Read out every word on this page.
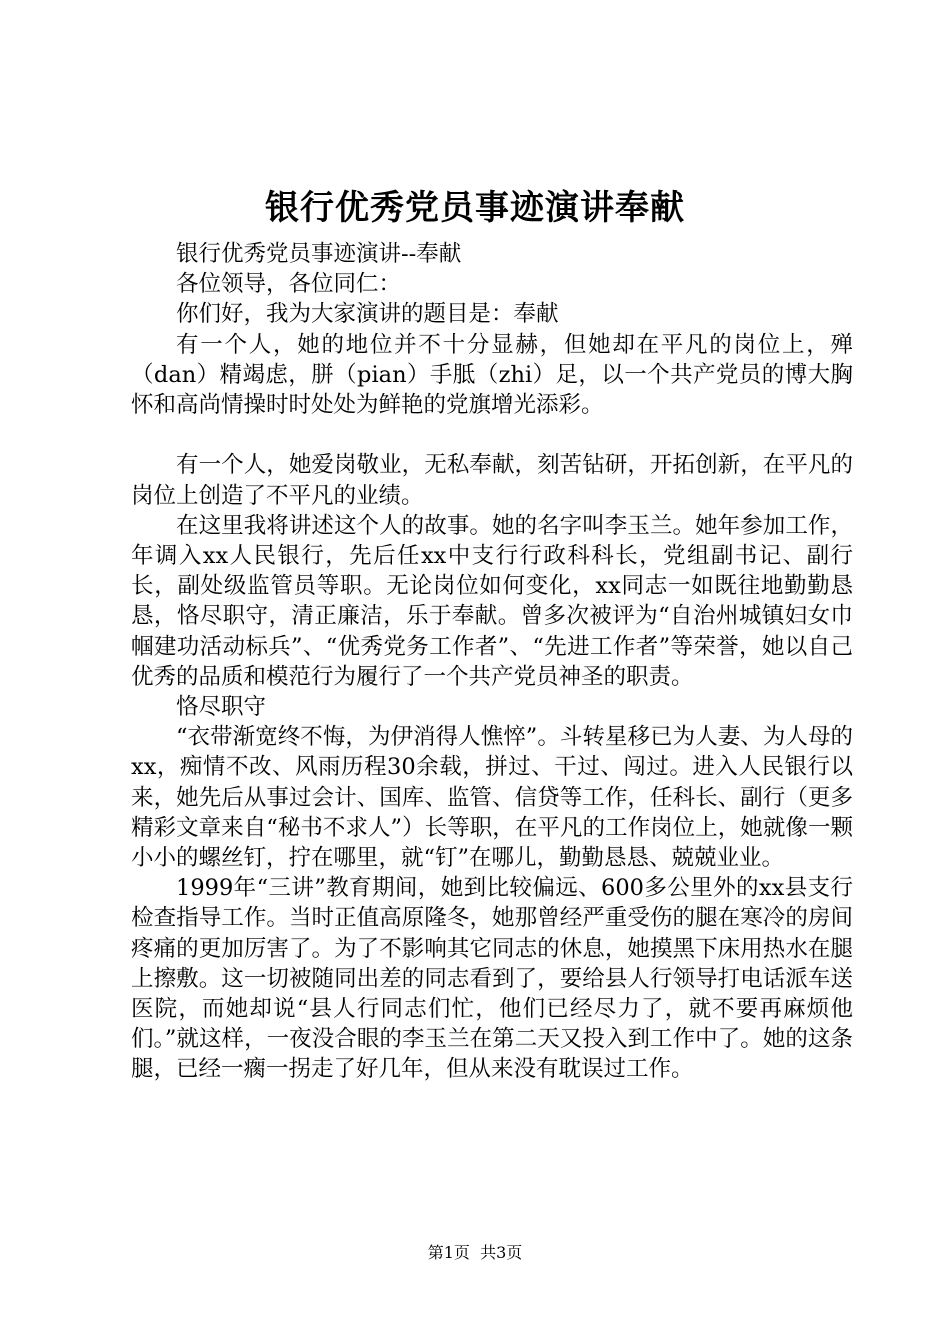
银行优秀党员事迹演讲奉献

银行优秀党员事迹演讲--奉献

各位领导，各位同仁：

你们好，我为大家演讲的题目是：奉献

有一个人，她的地位并不十分显赫，但她却在平凡的岗位上，殚（dan）精竭虑，胼（pian）手胝（zhi）足，以一个共产党员的博大胸怀和高尚情操时时处处为鲜艳的党旗增光添彩。

有一个人，她爱岗敬业，无私奉献，刻苦钻研，开拓创新，在平凡的岗位上创造了不平凡的业绩。

在这里我将讲述这个人的故事。她的名字叫李玉兰。她年参加工作，年调入xx人民银行，先后任xx中支行行政科科长，党组副书记、副行长，副处级监管员等职。无论岗位如何变化，xx同志一如既往地勤勤恳恳，恪尽职守，清正廉洁，乐于奉献。曾多次被评为“自治州城镇妇女巾帼建功活动标兵”、“优秀党务工作者”、“先进工作者”等荣誉，她以自己优秀的品质和模范行为履行了一个共产党员神圣的职责。

恪尽职守

“衣带渐宽终不悔，为伊消得人憔悴”。斗转星移已为人妻、为人母的xx，痴情不改、风雨历程30余载，拼过、干过、闯过。进入人民银行以来，她先后从事过会计、国库、监管、信贷等工作，任科长、副行（更多精彩文章来自“秘书不求人”）长等职，在平凡的工作岗位上，她就像一颗小小的螺丝钉，拧在哪里，就“钉”在哪儿，勤勤恳恳、兢兢业业。

1999年“三讲”教育期间，她到比较偏远、600多公里外的xx县支行检查指导工作。当时正值高原隆冬，她那曾经严重受伤的腿在寒冷的房间疼痛的更加厉害了。为了不影响其它同志的休息，她摸黑下床用热水在腿上擦敷。这一切被随同出差的同志看到了，要给县人行领导打电话派车送医院，而她却说“县人行同志们忙，他们已经尽力了，就不要再麻烦他们。”就这样，一夜没合眼的李玉兰在第二天又投入到工作中了。她的这条腿，已经一瘸一拐走了好几年，但从来没有耽误过工作。

第1页  共3页
